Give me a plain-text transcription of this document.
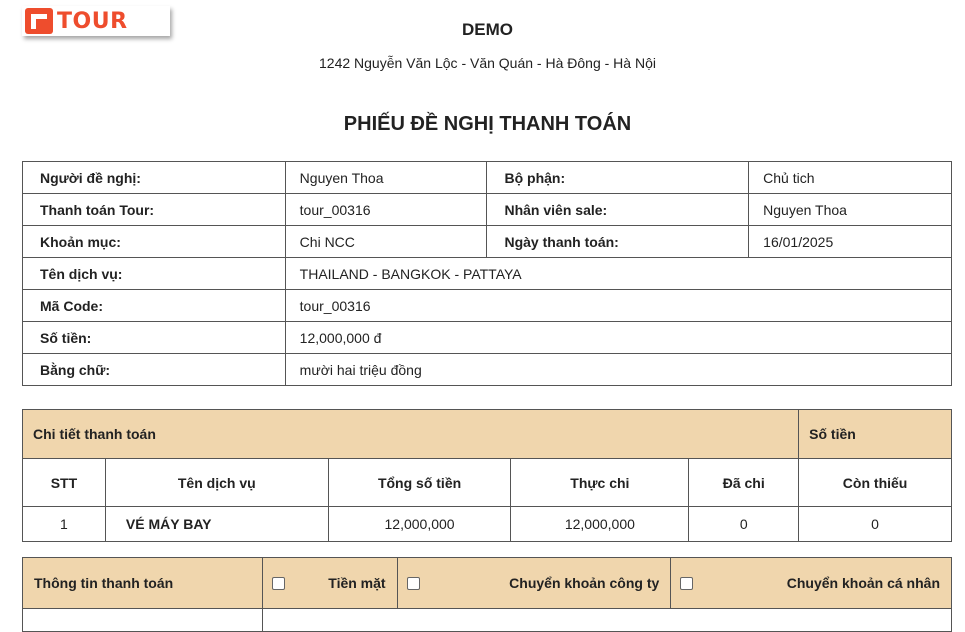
TOUR	DEMO
1242 Nguyễn Văn Lộc - Văn Quán - Hà Đông - Hà Nội
PHIẾU ĐỀ NGHỊ THANH TOÁN
Người đề nghị:	Nguyen Thoa	Bộ phận:	Chủ tich
Thanh toán Tour:	tour_00316	Nhân viên sale:	Nguyen Thoa
Khoản mục:	Chi NCC	Ngày thanh toán:	16/01/2025
Tên dịch vụ:	THAILAND - BANGKOK - PATTAYA		
Mã Code:	tour_00316		
Số tiền:	12,000,000 đ		
Bằng chữ:	mười hai triệu đồng		
Chi tiết thanh toán					Số tiền
STT	Tên dịch vụ	Tổng số tiền	Thực chi	Đã chi	Còn thiếu
1	VÉ MÁY BAY	12,000,000	12,000,000	0	0
Thông tin thanh toán	Tiền mặt	Chuyển khoản công ty	Chuyển khoản cá nhân
